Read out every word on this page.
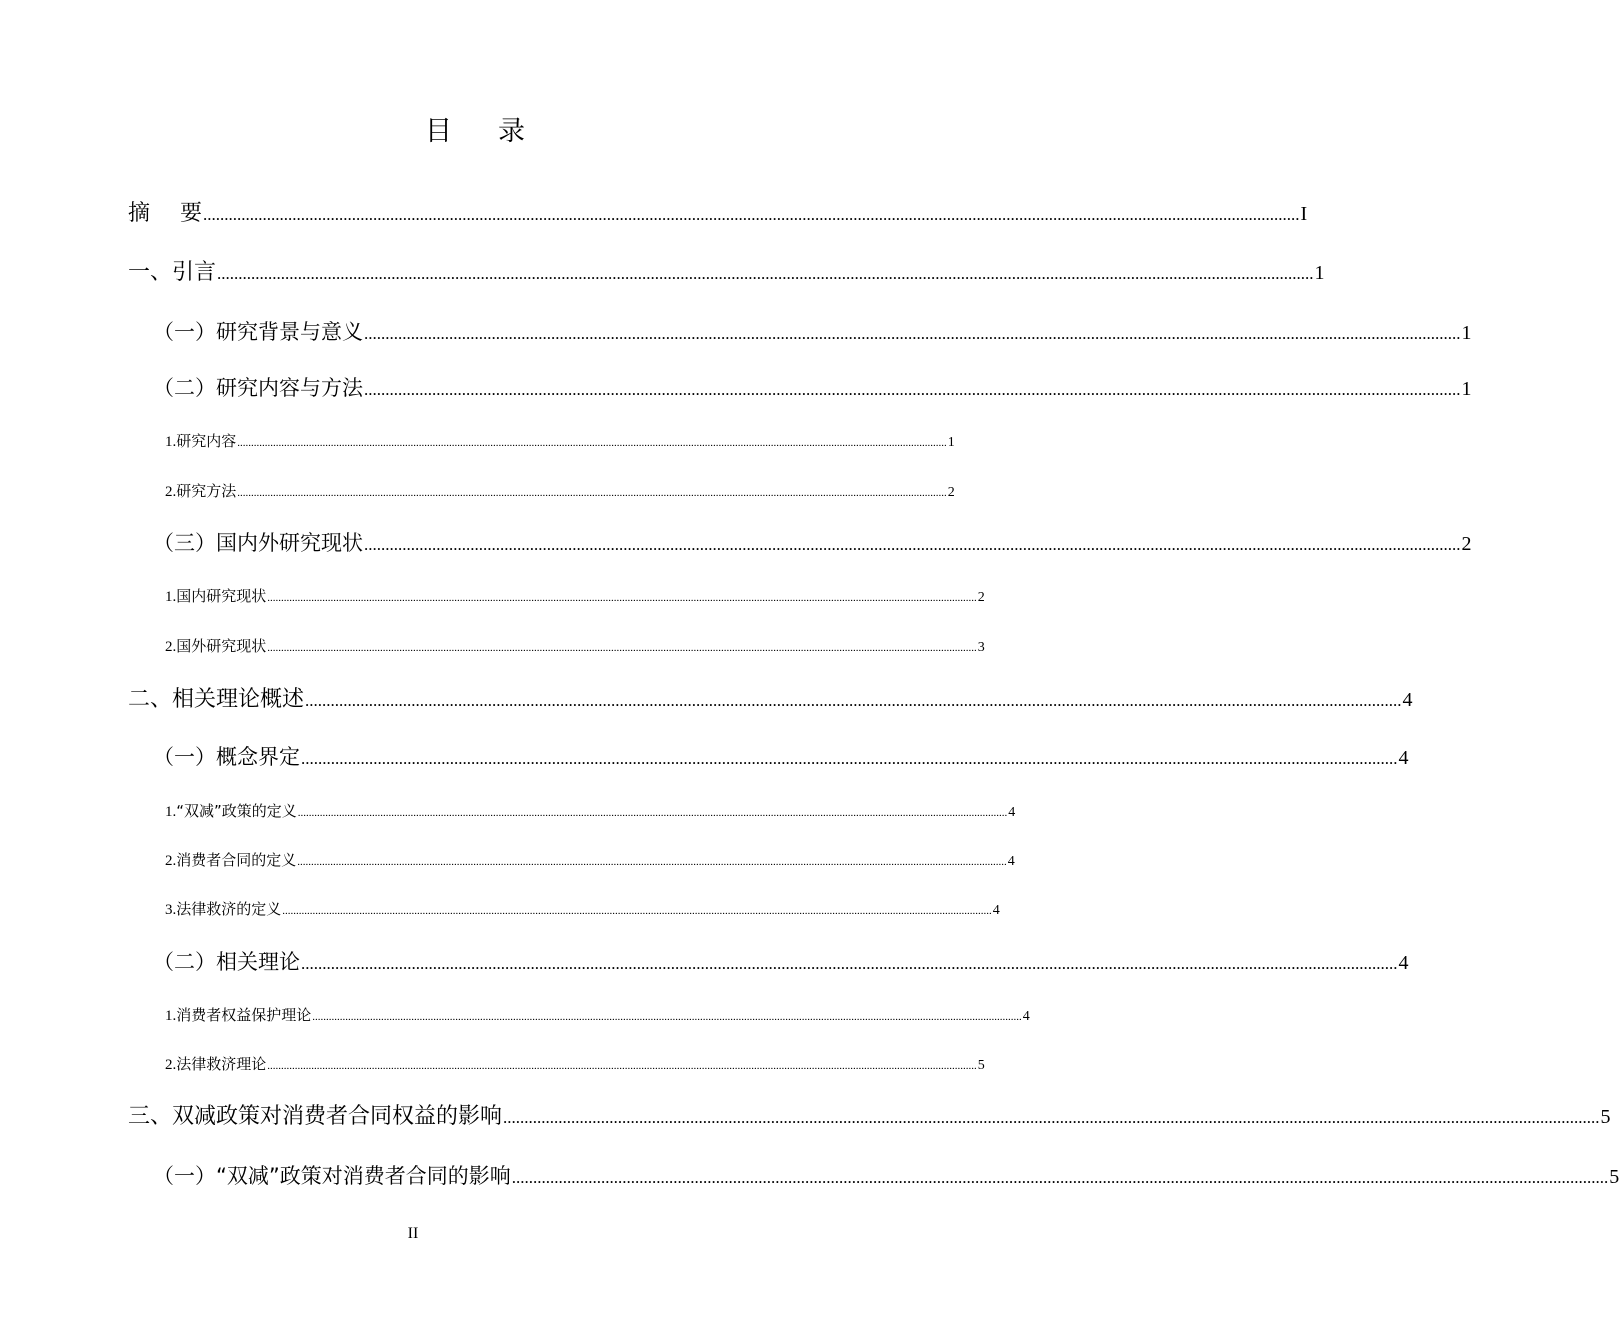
目 录
摘 要 .................................................................................................................................................................................................................................................................. I
一、引言 .................................................................................................................................................................................................................................................................. 1
（一）研究背景与意义 .................................................................................................................................................................................................................................................................. 1
（二）研究内容与方法 .................................................................................................................................................................................................................................................................. 1
1.研究内容 .................................................................................................................................................................................................................................................................. 1
2.研究方法 .................................................................................................................................................................................................................................................................. 2
（三）国内外研究现状 .................................................................................................................................................................................................................................................................. 2
1.国内研究现状 .................................................................................................................................................................................................................................................................. 2
2.国外研究现状 .................................................................................................................................................................................................................................................................. 3
二、相关理论概述 .................................................................................................................................................................................................................................................................. 4
（一）概念界定 .................................................................................................................................................................................................................................................................. 4
1.“双减”政策的定义 .................................................................................................................................................................................................................................................................. 4
2.消费者合同的定义 .................................................................................................................................................................................................................................................................. 4
3.法律救济的定义 .................................................................................................................................................................................................................................................................. 4
（二）相关理论 .................................................................................................................................................................................................................................................................. 4
1.消费者权益保护理论 .................................................................................................................................................................................................................................................................. 4
2.法律救济理论 .................................................................................................................................................................................................................................................................. 5
三、双减政策对消费者合同权益的影响 .................................................................................................................................................................................................................................................................. 5
（一）“双减”政策对消费者合同的影响 .................................................................................................................................................................................................................................................................. 5
II
